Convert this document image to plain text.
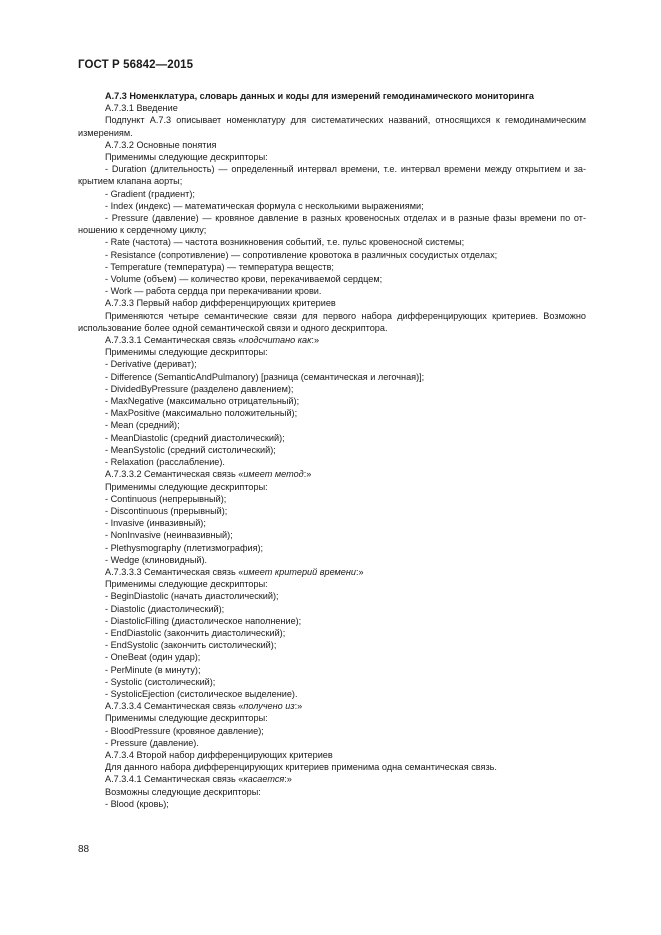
ГОСТ Р 56842—2015
А.7.3 Номенклатура, словарь данных и коды для измерений гемодинамического мониторинга
А.7.3.1 Введение
Подпункт А.7.3 описывает номенклатуру для систематических названий, относящихся к гемодинамическим
измерениям.
А.7.3.2 Основные понятия
Применимы следующие дескрипторы:
- Duration (длительность) — определенный интервал времени, т.е. интервал времени между открытием и за-
крытием клапана аорты;
- Gradient (градиент);
- Index (индекс) — математическая формула с несколькими выражениями;
- Pressure (давление) — кровяное давление в разных кровеносных отделах и в разные фазы времени по от-
ношению к сердечному циклу;
- Rate (частота) — частота возникновения событий, т.е. пульс кровеносной системы;
- Resistance (сопротивление) — сопротивление кровотока в различных сосудистых отделах;
- Temperature (температура) — температура веществ;
- Volume (объем) — количество крови, перекачиваемой сердцем;
- Work — работа сердца при перекачивании крови.
А.7.3.3 Первый набор дифференцирующих критериев
Применяются четыре семантические связи для первого набора дифференцирующих критериев. Возможно
использование более одной семантической связи и одного дескриптора.
А.7.3.3.1 Семантическая связь «подсчитано как:»
Применимы следующие дескрипторы:
- Derivative (дериват);
- Difference (SemanticAndPulmanory) [разница (семантическая и легочная)];
- DividedByPressure (разделено давлением);
- MaxNegative (максимально отрицательный);
- MaxPositive (максимально положительный);
- Mean (средний);
- MeanDiastolic (средний диастолический);
- MeanSystolic (средний систолический);
- Relaxation (расслабление).
А.7.3.3.2 Семантическая связь «имеет метод:»
Применимы следующие дескрипторы:
- Continuous (непрерывный);
- Discontinuous (прерывный);
- Invasive (инвазивный);
- NonInvasive (неинвазивный);
- Plethysmography (плетизмография);
- Wedge (клиновидный).
А.7.3.3.3 Семантическая связь «имеет критерий времени:»
Применимы следующие дескрипторы:
- BeginDiastolic (начать диастолический);
- Diastolic (диастолический);
- DiastolicFilling (диастолическое наполнение);
- EndDiastolic (закончить диастолический);
- EndSystolic (закончить систолический);
- OneBeat (один удар);
- PerMinute (в минуту);
- Systolic (систолический);
- SystolicEjection (систолическое выделение).
А.7.3.3.4 Семантическая связь «получено из:»
Применимы следующие дескрипторы:
- BloodPressure (кровяное давление);
- Pressure (давление).
А.7.3.4 Второй набор дифференцирующих критериев
Для данного набора дифференцирующих критериев применима одна семантическая связь.
А.7.3.4.1 Семантическая связь «касается:»
Возможны следующие дескрипторы:
- Blood (кровь);
88
